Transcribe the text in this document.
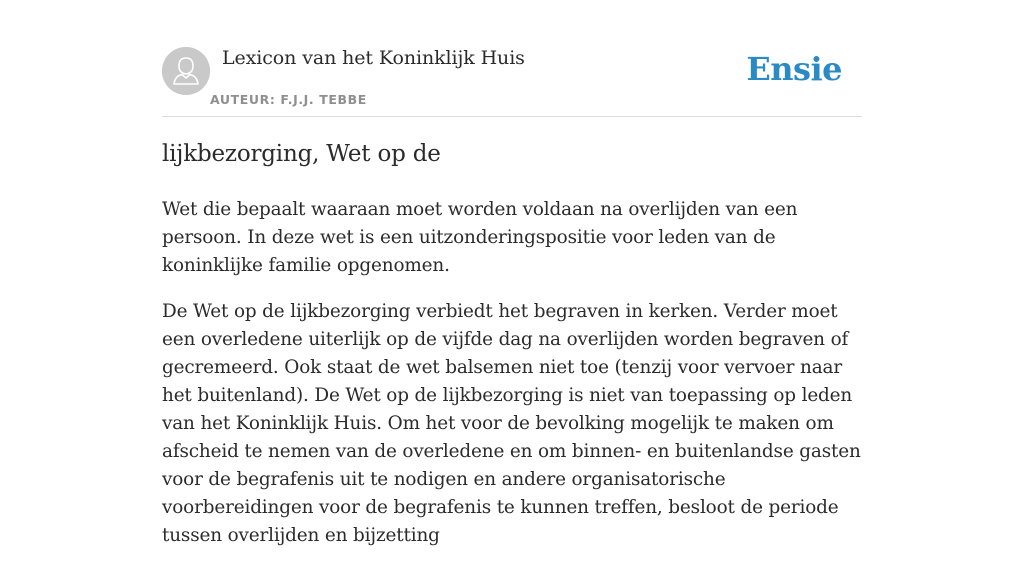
Lexicon van het Koninklijk Huis
AUTEUR: F.J.J. TEBBE
Ensie
lijkbezorging, Wet op de

Wet die bepaalt waaraan moet worden voldaan na overlijden van een persoon. In deze wet is een uitzonderingspositie voor leden van de koninklijke familie opgenomen.

De Wet op de lijkbezorging verbiedt het begraven in kerken. Verder moet een overledene uiterlijk op de vijfde dag na overlijden worden begraven of gecremeerd. Ook staat de wet balsemen niet toe (tenzij voor vervoer naar het buitenland). De Wet op de lijkbezorging is niet van toepassing op leden van het Koninklijk Huis. Om het voor de bevolking mogelijk te maken om afscheid te nemen van de overledene en om binnen- en buitenlandse gasten voor de begrafenis uit te nodigen en andere organisatorische voorbereidingen voor de begrafenis te kunnen treffen, besloot de periode tussen overlijden en bijzetting
